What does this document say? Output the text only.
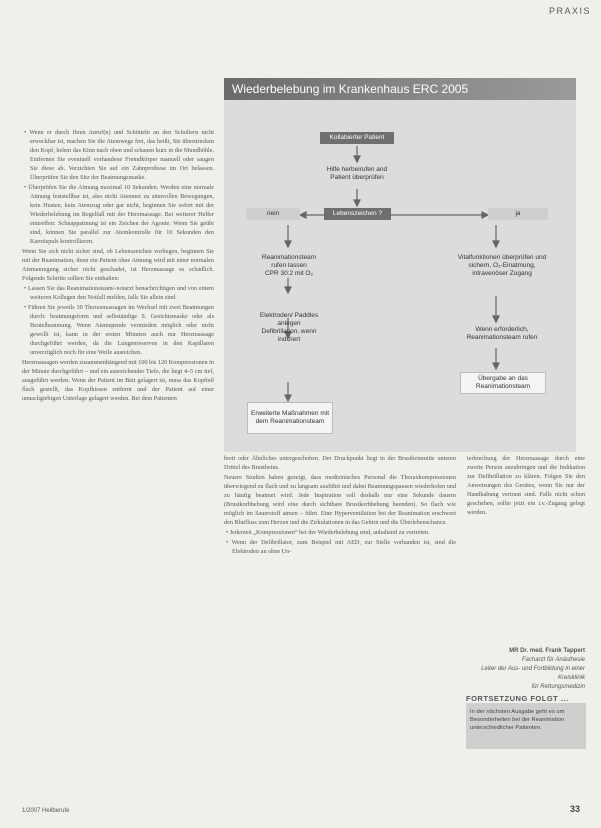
PRAXIS
Wiederbelebung im Krankenhaus ERC 2005
Kollabierter Patient
Hilfe herbeirufen and Patient überprüfen
nein	Lebenszeichen ?	ja
Reanimationsteam rufen lassen
CPR 30:2 mit O₂
Elektroden/ Paddles anlegen Defibrillation, wenn indiziert
Erweiterte Maßnahmen mit dem Reanimationsteam
Vitalfunktionen überprüfen und sichern, O₂-Einatmung, intravenöser Zugang
Wenn erforderlich, Reanimationsteam rufen
Übergabe an das Reanimationsteam

• Wenn er durch Ihren Anruf(n) und Schütteln an den Schultern nicht erweckbar ist, machen Sie die Atemwege frei, das heißt, Sie überstrecken den Kopf, heben das Kinn nach oben und schauen kurz in die Mundhöhle. Entfernen Sie eventuell vorhandene Fremdkörper manuell oder saugen Sie diese ab. Verzichten Sie auf ein Zahnprothese im Ort belassen. Überprüfen Sie den Sitz der Beatmungsmaske.

• Überprüfen Sie die Atmung maximal 10 Sekunden. Werden eine normale Atmung feststellbar ist, also nicht Atemnot zu sinnvollen Bewegungen, kein Husten, kein Atemzug oder gar nicht, beginnen Sie sofort mit der Wiederbelebung im Regelfall mit der Herzmassage. Bei weiterer Helfer eintreffen: Schnappatmung ist ein Zeichen der Agonie. Wenn Sie geübt sind, können Sie parallel zur Atemkontrolle für 10 Sekunden den Karotispuls kontrollieren.

Wenn Sie sich nicht sicher sind, ob Lebenszeichen vorliegen, beginnen Sie mit der Reanimation, denn ein Patient ohne Atmung wird mit einer normalen Atemanregung sicher nicht geschadet, ist Herzmassage es schädlich. Folgende Schritte sollten Sie einhalten:

• Lassen Sie das Reanimationsteam/-notarzt benachrichtigen und von einem weiteren Kollegen den Notfall melden, falls Sie allein sind.

• Führen Sie jeweils 30 Thoraxmassagen im Wechsel mit zwei Beatmungen durch: beatmungsform und selbständige S. Gesichtsmaske oder als Beutelbeatmung. Wenn Atemspende vermieden möglich oder nicht gewollt ist, kann in der ersten Minuten auch nur Herzmassage durchgeführt werden, da die Lungenreserven in den Kapillaren unverzüglich noch für eine Weile ausreichen.

Herzmassagen werden zusammenhängend mit 100 bis 120 Kompressionen in der Minute durchgeführt – und ein ausreichender Tiefe, die liegt 4–5 cm tief, ausgeführt werden. Wenn der Patient im Bett gelagert ist, muss das Kopfteil flach gestellt, das Kopfkissen entfernt und der Patient auf einer unnachgiebigen Unterlage gelagert werden. Bei dem Patienten

brett oder Ähnliches untergeschoben. Der Druckpunkt liegt in der Brustbeinmitte unteren Drittel des Brustbeins.

Neuere Studien haben gezeigt, dass medizinisches Personal die Thoraxkompressionen überwiegend zu flach und zu langsam ausführt und dabei Beatmungspausen wiederholen und zu häufig beatmet wird. Jede Inspiration soll deshalb nur eine Sekunde dauern (Brustkorbhebung wird eine durch sichtbare Brustkorbhebung beenden). So flach wie möglich im Sauerstoff atmen – führt. Eine Hyperventilation bei der Reanimation erschwert den Blutfluss zum Herzen und die Zirkulationen in das Gehirn und die Überlebenschance.

• Jederzeit „Kompressionen“ bei der Wiederbelebung sind, anhaltend zu vertreten.

• Wenn der Defibrillator, zum Beispiel mit AED, zur Stelle vorhanden ist, sind die Elektroden an ohne Un-

terbrechung der Herzmassage durch eine zweite Person anzubringen und die Indikation zur Defibrillation zu klären. Folgen Sie den Anweisungen des Gerätes, wenn Sie nur der Handhabung vertraut sind. Falls nicht schon geschehen, sollte jetzt ein i.v.-Zugang gelegt werden.

MR Dr. med. Frank Tappert
Facharzt für Anästhesie
Leiter der Aus- und Fortbildung in einer Kreisklinik
für Rettungsmedizin
FORTSETZUNG FOLGT ...
In der nächsten Ausgabe geht es um Besonderheiten bei der Reanimation unterschiedlicher Patienten.
1/2007 Heilberufe	33
